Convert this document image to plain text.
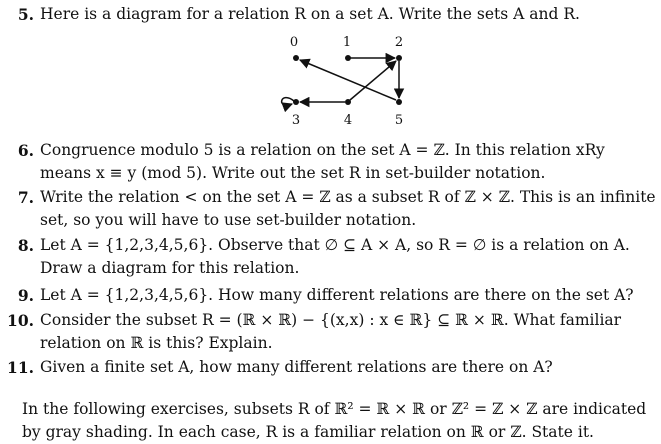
5. Here is a diagram for a relation R on a set A. Write the sets A and R.
0	1	2
3	4	5
6. Congruence modulo 5 is a relation on the set A = ℤ. In this relation xRy means x ≡ y (mod 5). Write out the set R in set-builder notation.
7. Write the relation < on the set A = ℤ as a subset R of ℤ × ℤ. This is an infinite set, so you will have to use set-builder notation.
8. Let A = {1,2,3,4,5,6}. Observe that ∅ ⊆ A × A, so R = ∅ is a relation on A. Draw a diagram for this relation.
9. Let A = {1,2,3,4,5,6}. How many different relations are there on the set A?
10. Consider the subset R = (ℝ × ℝ) − {(x,x) : x ∈ ℝ} ⊆ ℝ × ℝ. What familiar relation on ℝ is this? Explain.
11. Given a finite set A, how many different relations are there on A?
In the following exercises, subsets R of ℝ² = ℝ × ℝ or ℤ² = ℤ × ℤ are indicated by gray shading. In each case, R is a familiar relation on ℝ or ℤ. State it.
